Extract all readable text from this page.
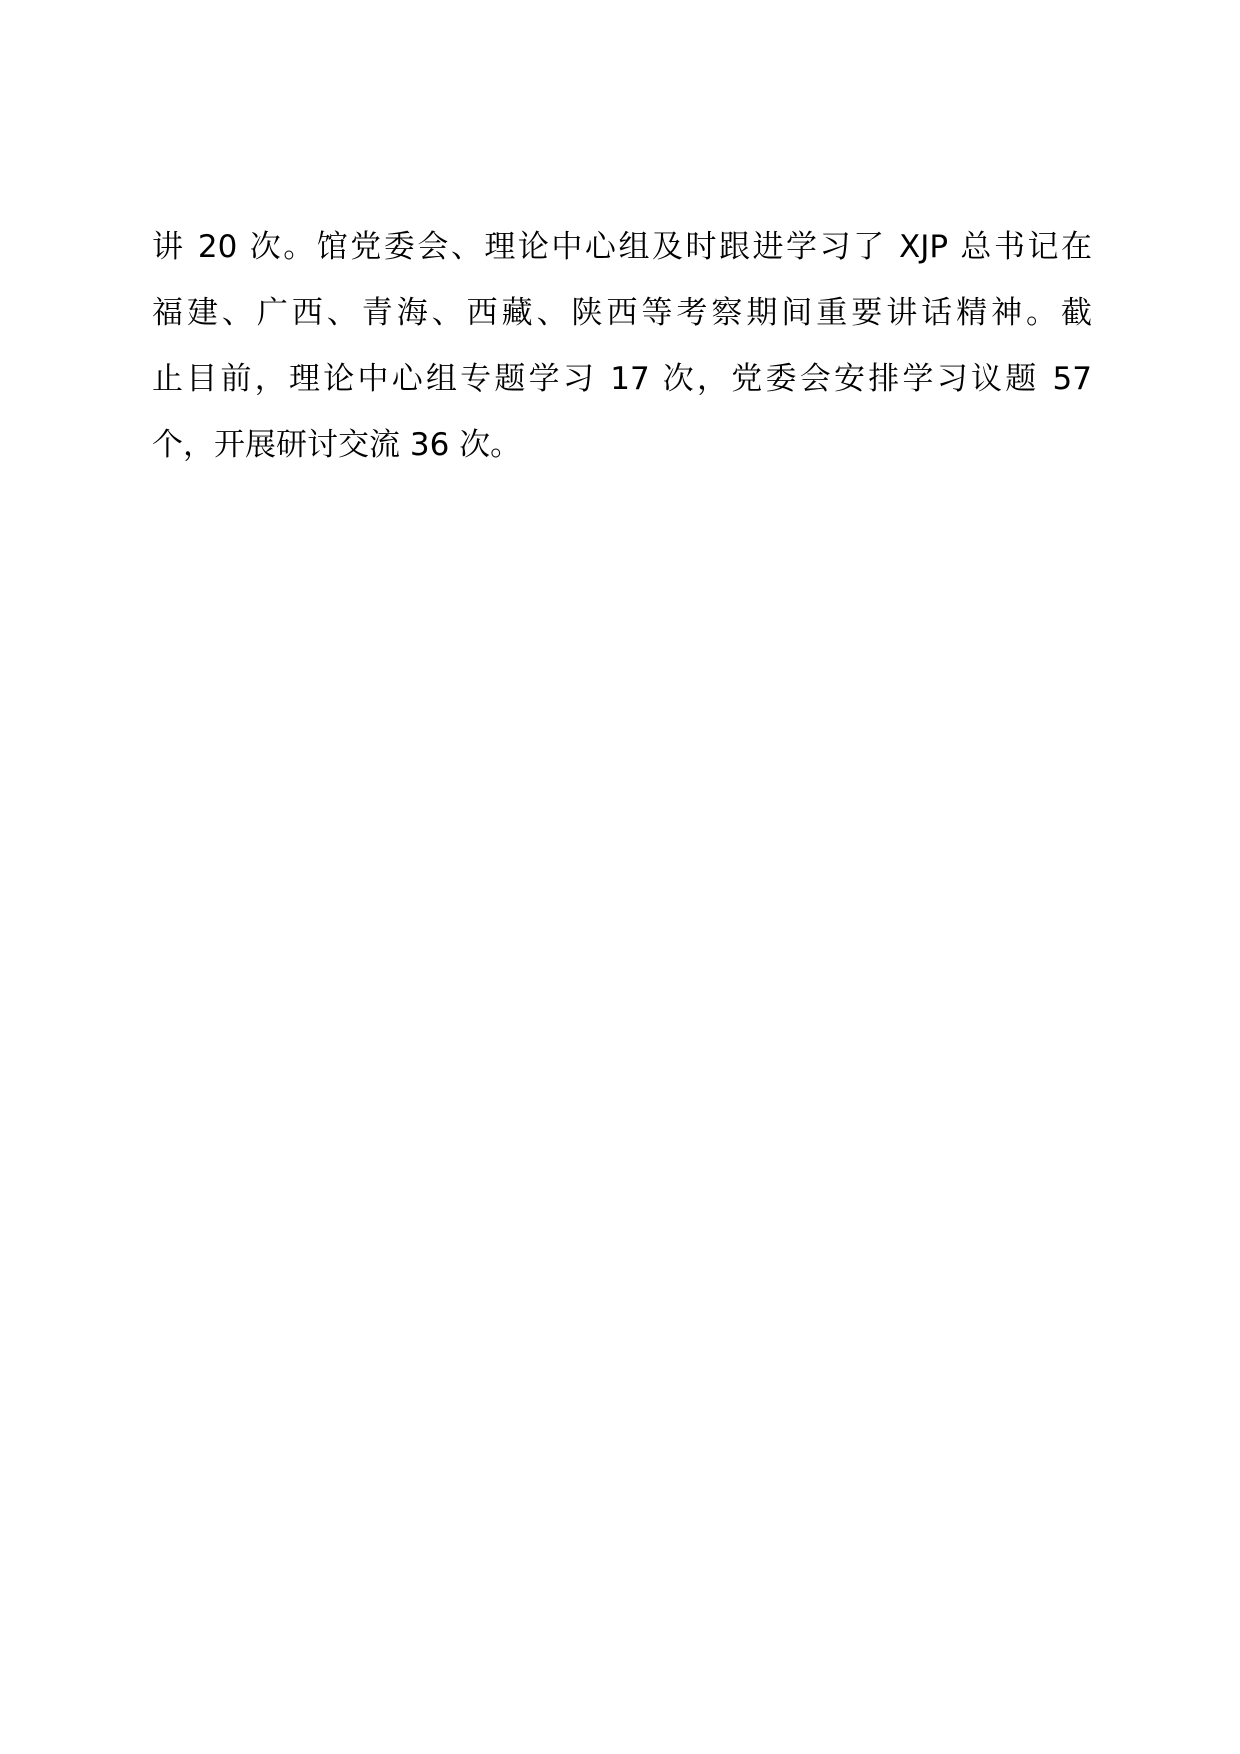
讲 20 次。馆党委会、理论中心组及时跟进学习了 XJP 总书记在
福建、广西、青海、西藏、陕西等考察期间重要讲话精神。截
止目前，理论中心组专题学习 17 次，党委会安排学习议题 57
个，开展研讨交流 36 次。
